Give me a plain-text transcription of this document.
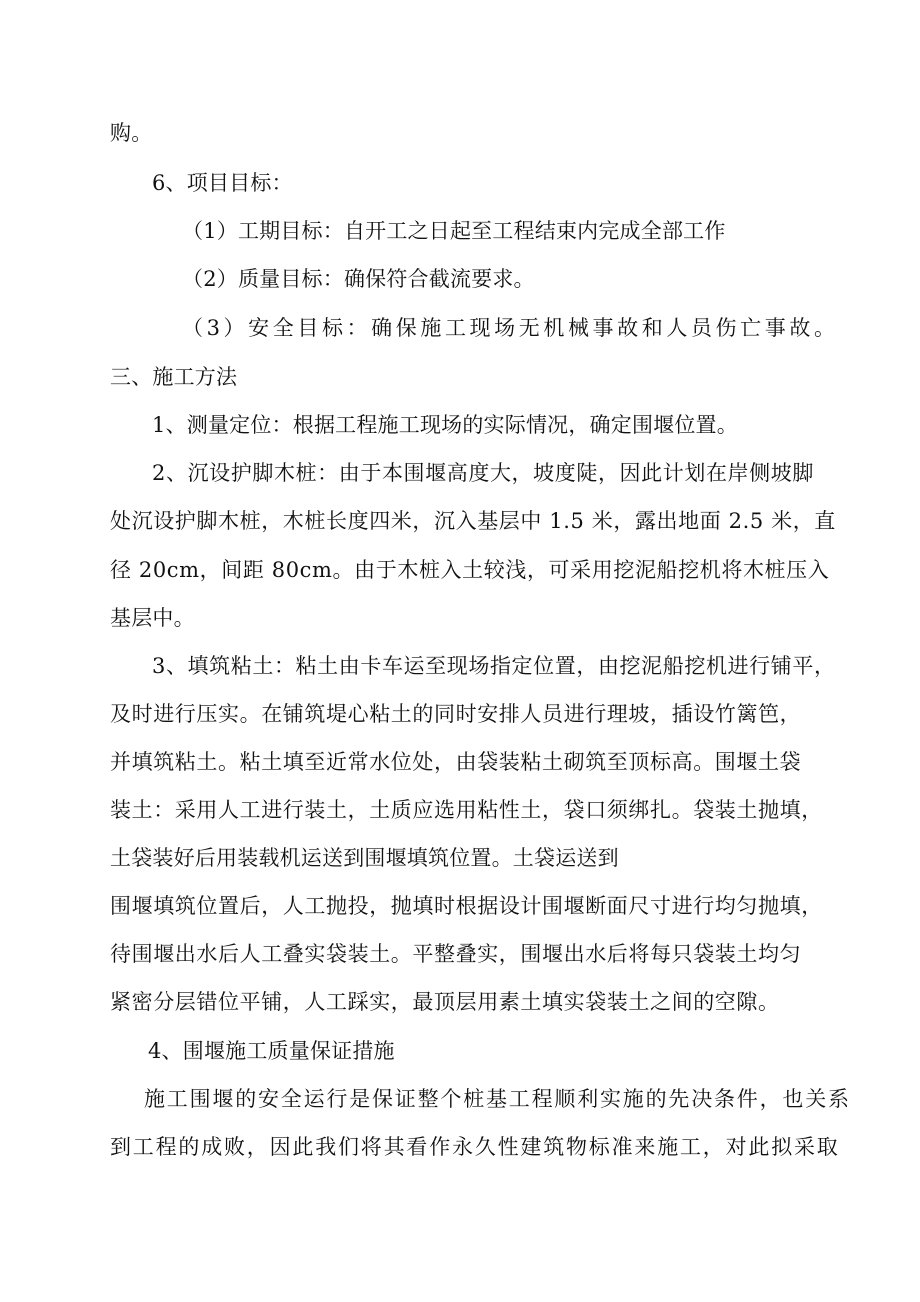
购。
6、项目目标：
（1）工期目标：自开工之日起至工程结束内完成全部工作
（2）质量目标：确保符合截流要求。
（3）安全目标：确保施工现场无机械事故和人员伤亡事故。
三、施工方法
1、测量定位：根据工程施工现场的实际情况，确定围堰位置。
2、沉设护脚木桩：由于本围堰高度大，坡度陡，因此计划在岸侧坡脚
处沉设护脚木桩，木桩长度四米，沉入基层中 1.5 米，露出地面 2.5 米，直
径 20cm，间距 80cm。由于木桩入土较浅，可采用挖泥船挖机将木桩压入
基层中。
3、填筑粘土：粘土由卡车运至现场指定位置，由挖泥船挖机进行铺平，
及时进行压实。在铺筑堤心粘土的同时安排人员进行理坡，插设竹篱笆，
并填筑粘土。粘土填至近常水位处，由袋装粘土砌筑至顶标高。围堰土袋
装土：采用人工进行装土，土质应选用粘性土，袋口须绑扎。袋装土抛填，
土袋装好后用装载机运送到围堰填筑位置。土袋运送到
围堰填筑位置后，人工抛投，抛填时根据设计围堰断面尺寸进行均匀抛填，
待围堰出水后人工叠实袋装土。平整叠实，围堰出水后将每只袋装土均匀
紧密分层错位平铺，人工踩实，最顶层用素土填实袋装土之间的空隙。
4、围堰施工质量保证措施
施工围堰的安全运行是保证整个桩基工程顺利实施的先决条件，也关系
到工程的成败，因此我们将其看作永久性建筑物标准来施工，对此拟采取
